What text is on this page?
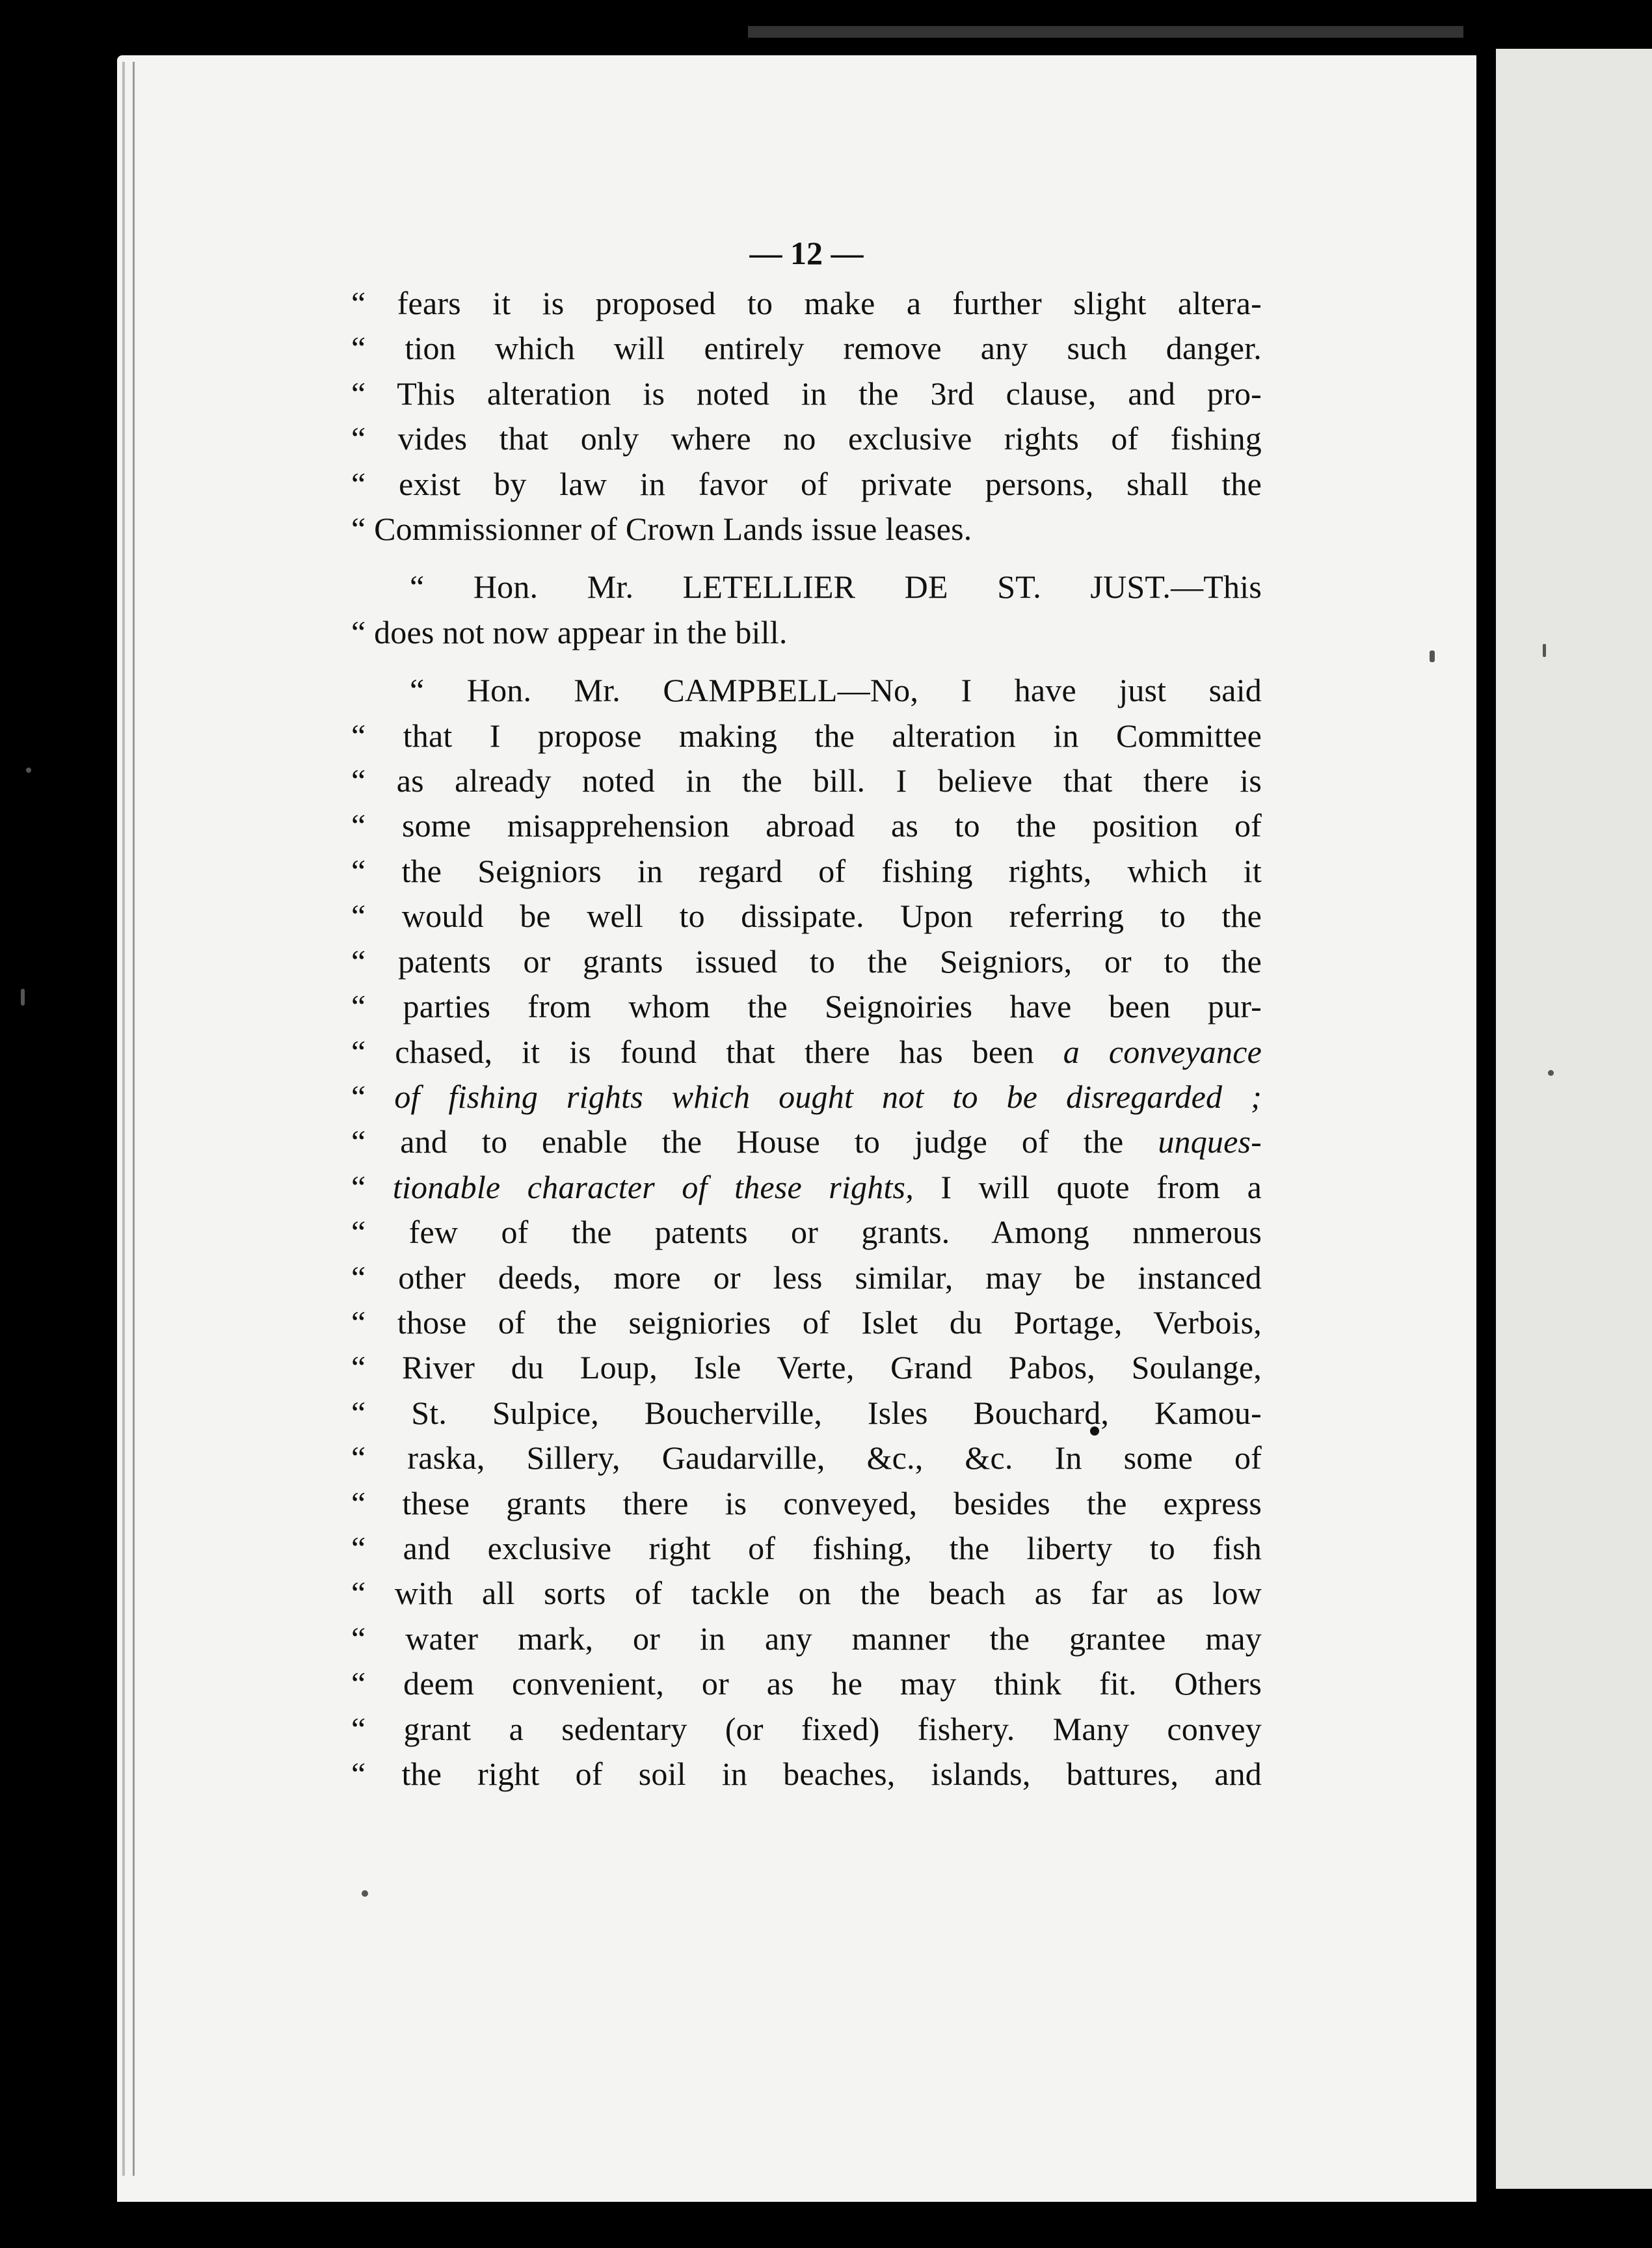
— 12 —
“ fears it is proposed to make a further slight altera-
“ tion which will entirely remove any such danger.
“ This alteration is noted in the 3rd clause, and pro-
“ vides that only where no exclusive rights of fishing
“ exist by law in favor of private persons, shall the
“ Commissionner of Crown Lands issue leases.
“ Hon. Mr. LETELLIER DE ST. JUST.—This
“ does not now appear in the bill.
“ Hon. Mr. CAMPBELL—No, I have just said
“ that I propose making the alteration in Committee
“ as already noted in the bill. I believe that there is
“ some misapprehension abroad as to the position of
“ the Seigniors in regard of fishing rights, which it
“ would be well to dissipate. Upon referring to the
“ patents or grants issued to the Seigniors, or to the
“ parties from whom the Seignoiries have been pur-
“ chased, it is found that there has been a conveyance
“ of fishing rights which ought not to be disregarded ;
“ and to enable the House to judge of the unques-
“ tionable character of these rights, I will quote from a
“ few of the patents or grants. Among nnmerous
“ other deeds, more or less similar, may be instanced
“ those of the seigniories of Islet du Portage, Verbois,
“ River du Loup, Isle Verte, Grand Pabos, Soulange,
“ St. Sulpice, Boucherville, Isles Bouchard, Kamou-
“ raska, Sillery, Gaudarville, &c., &c. In some of
“ these grants there is conveyed, besides the express
“ and exclusive right of fishing, the liberty to fish
“ with all sorts of tackle on the beach as far as low
“ water mark, or in any manner the grantee may
“ deem convenient, or as he may think fit. Others
“ grant a sedentary (or fixed) fishery. Many convey
“ the right of soil in beaches, islands, battures, and
